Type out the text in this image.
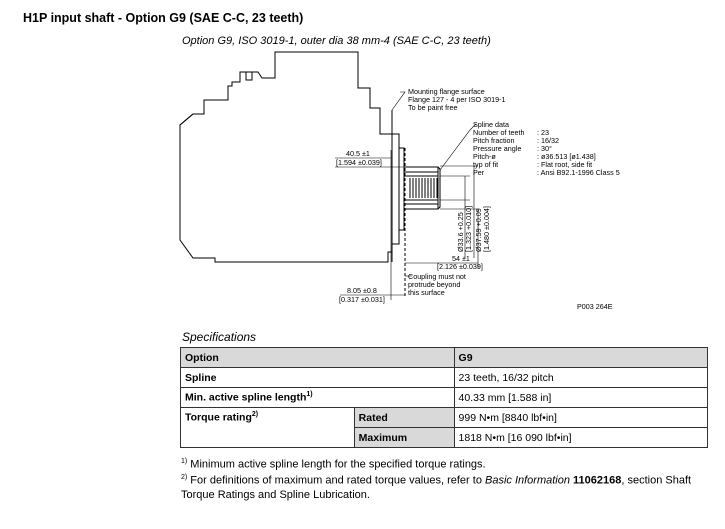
H1P input shaft - Option G9 (SAE C-C, 23 teeth)
Option G9, ISO 3019-1, outer dia 38 mm-4 (SAE C-C, 23 teeth)
Mounting flange surface
Flange 127 - 4 per ISO 3019-1
To be paint free
Spline data
Number of teeth : 23
Pitch fraction	: 16/32
Pressure angle : 30°
Pitch-ø	: ø36.513 [ø1.438]
typ of fit	: Flat root, side fit
Per	: Ansi B92.1-1996 Class 5
40.5 ±1
[1.594 ±0.039]
Ø33.6 +0.25 [1.323 +0.010] Ø37.59 +0.09 [1.480 ±0.004]
54 ±1
[2.126 ±0.039]
Coupling must not
protrude beyond
this surface
8.05 ±0.8
[0.317 ±0.031]
P003 264E
Specifications
Option		G9
Spline		23 teeth, 16/32 pitch
Min. active spline length$^{1)}$		40.33 mm [1.588 in]
Torque rating$^{2)}$	Rated	999 N•m [8840 lbf•in]
	Maximum	1818 N•m [16 090 lbf•in]
$^{1)}$ Minimum active spline length for the specified torque ratings.
$^{2)}$ For definitions of maximum and rated torque values, refer to Basic Information 11062168, section Shaft Torque Ratings and Spline Lubrication.
